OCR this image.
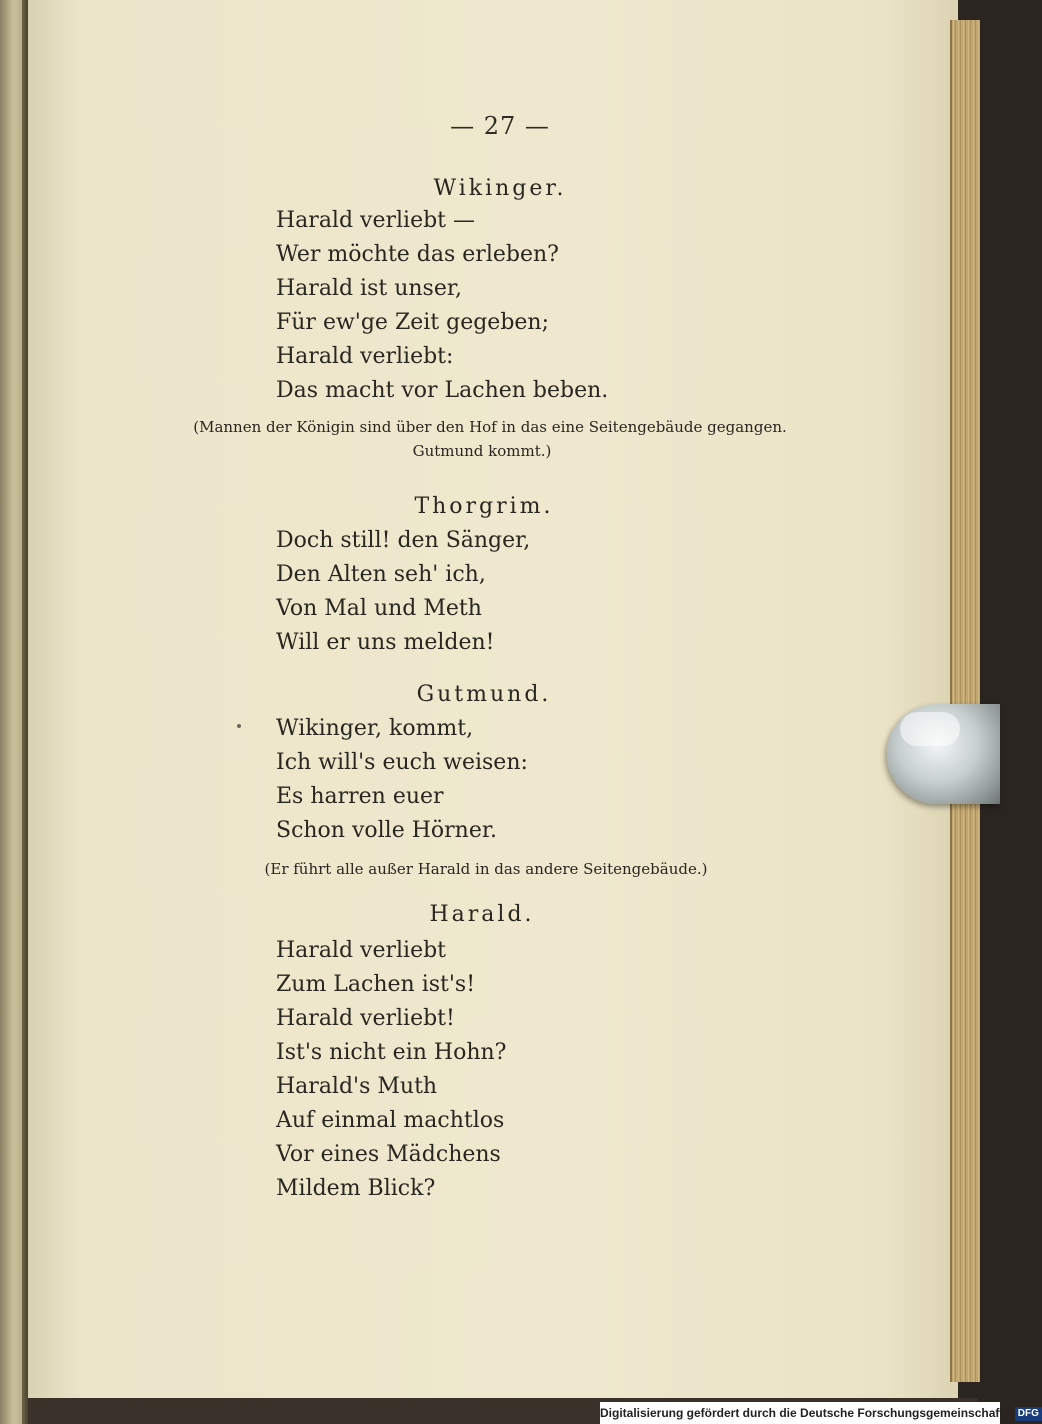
— 27 —
Wikinger.
Harald verliebt —
Wer möchte das erleben?
Harald ist unser,
Für ew'ge Zeit gegeben;
Harald verliebt:
Das macht vor Lachen beben.
(Mannen der Königin sind über den Hof in das eine Seitengebäude gegangen.
Gutmund kommt.)
Thorgrim.
Doch still! den Sänger,
Den Alten seh' ich,
Von Mal und Meth
Will er uns melden!
Gutmund.
Wikinger, kommt,
Ich will's euch weisen:
Es harren euer
Schon volle Hörner.
(Er führt alle außer Harald in das andere Seitengebäude.)
Harald.
Harald verliebt
Zum Lachen ist's!
Harald verliebt!
Ist's nicht ein Hohn?
Harald's Muth
Auf einmal machtlos
Vor eines Mädchens
Mildem Blick?
Digitalisierung gefördert durch die Deutsche Forschungsgemeinschaft - DFG
